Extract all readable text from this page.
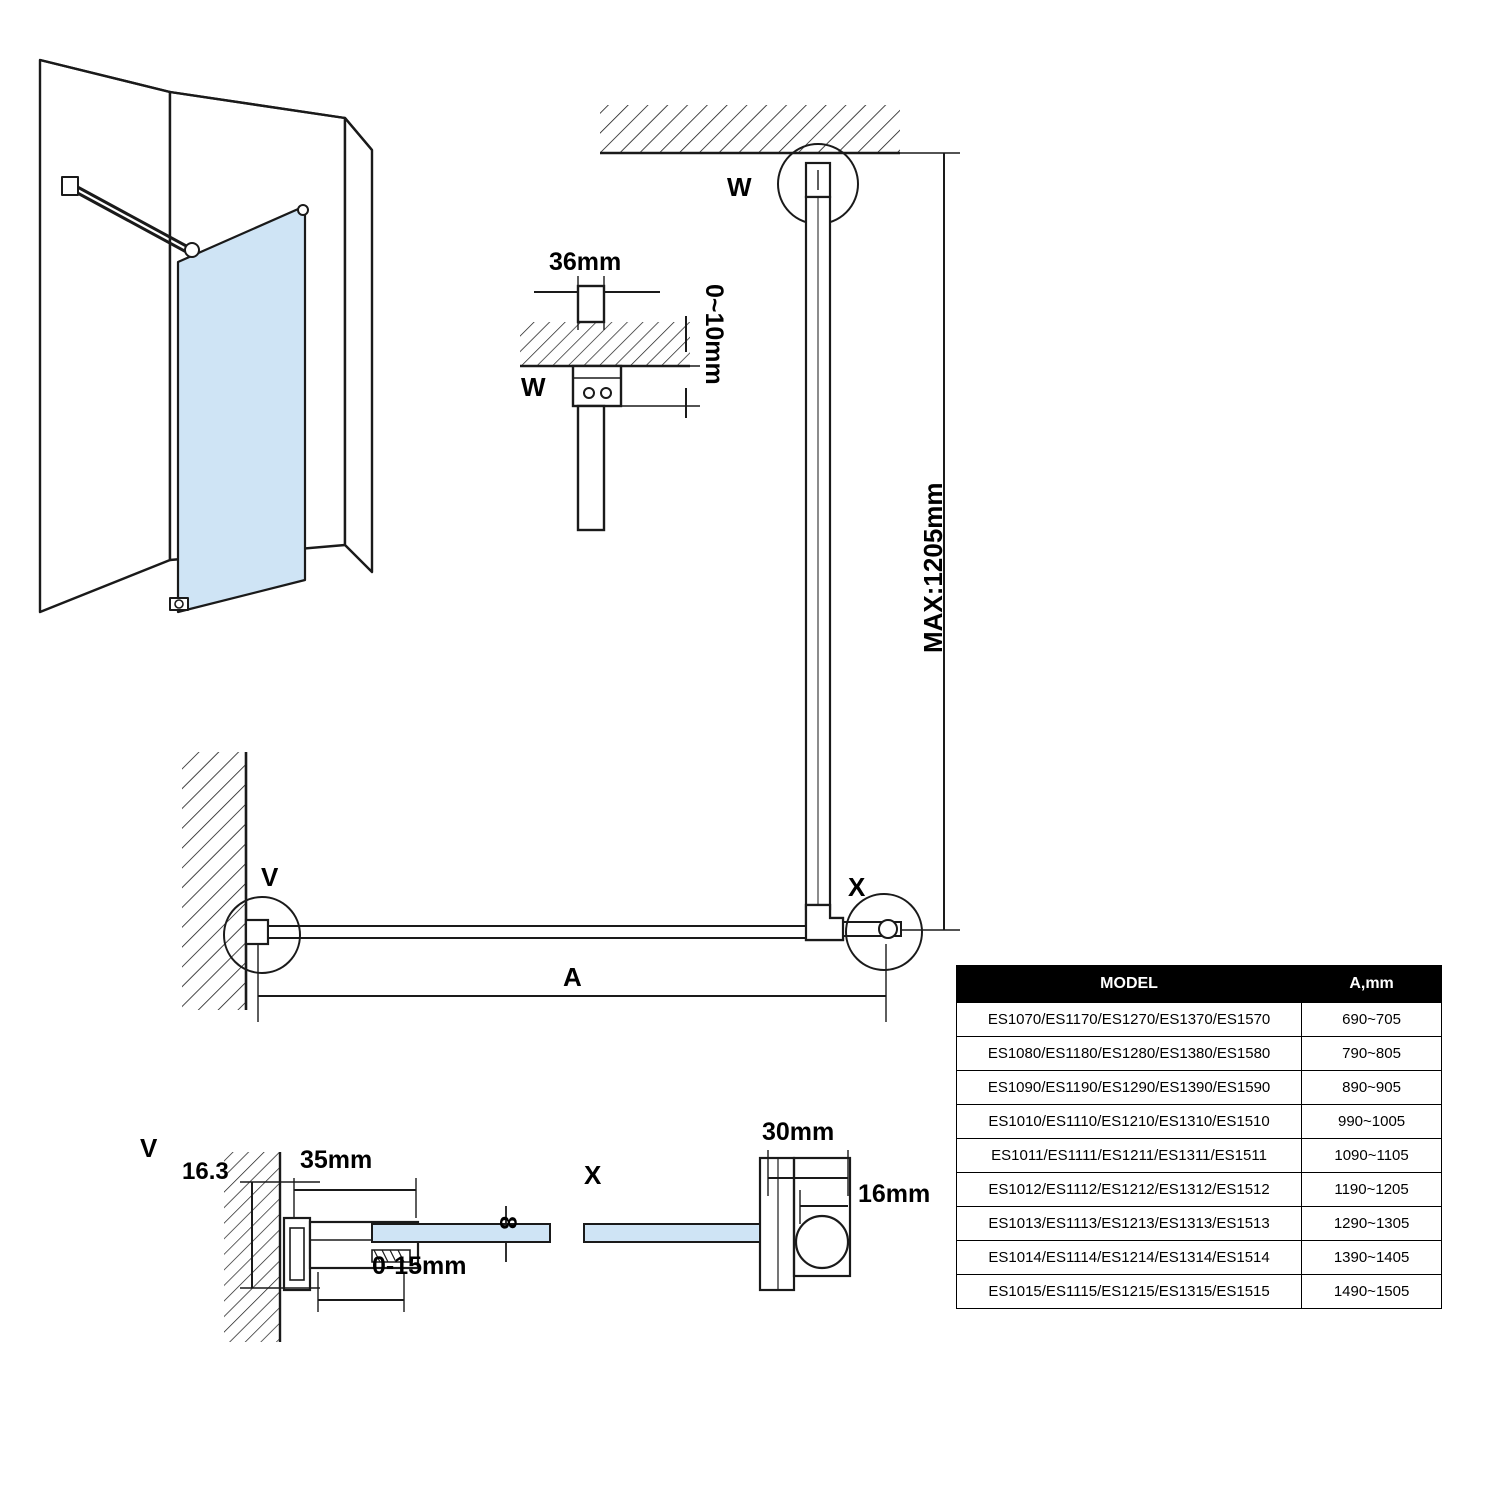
W
W
36mm
0~10mm
MAX:1205mm
V	X
A
V
16.3	35mm
8
0-15mm
X
30mm
16mm
MODEL	A,mm
ES1070/ES1170/ES1270/ES1370/ES1570	690~705
ES1080/ES1180/ES1280/ES1380/ES1580	790~805
ES1090/ES1190/ES1290/ES1390/ES1590	890~905
ES1010/ES1110/ES1210/ES1310/ES1510	990~1005
ES1011/ES1111/ES1211/ES1311/ES1511	1090~1105
ES1012/ES1112/ES1212/ES1312/ES1512	1190~1205
ES1013/ES1113/ES1213/ES1313/ES1513	1290~1305
ES1014/ES1114/ES1214/ES1314/ES1514	1390~1405
ES1015/ES1115/ES1215/ES1315/ES1515	1490~1505
